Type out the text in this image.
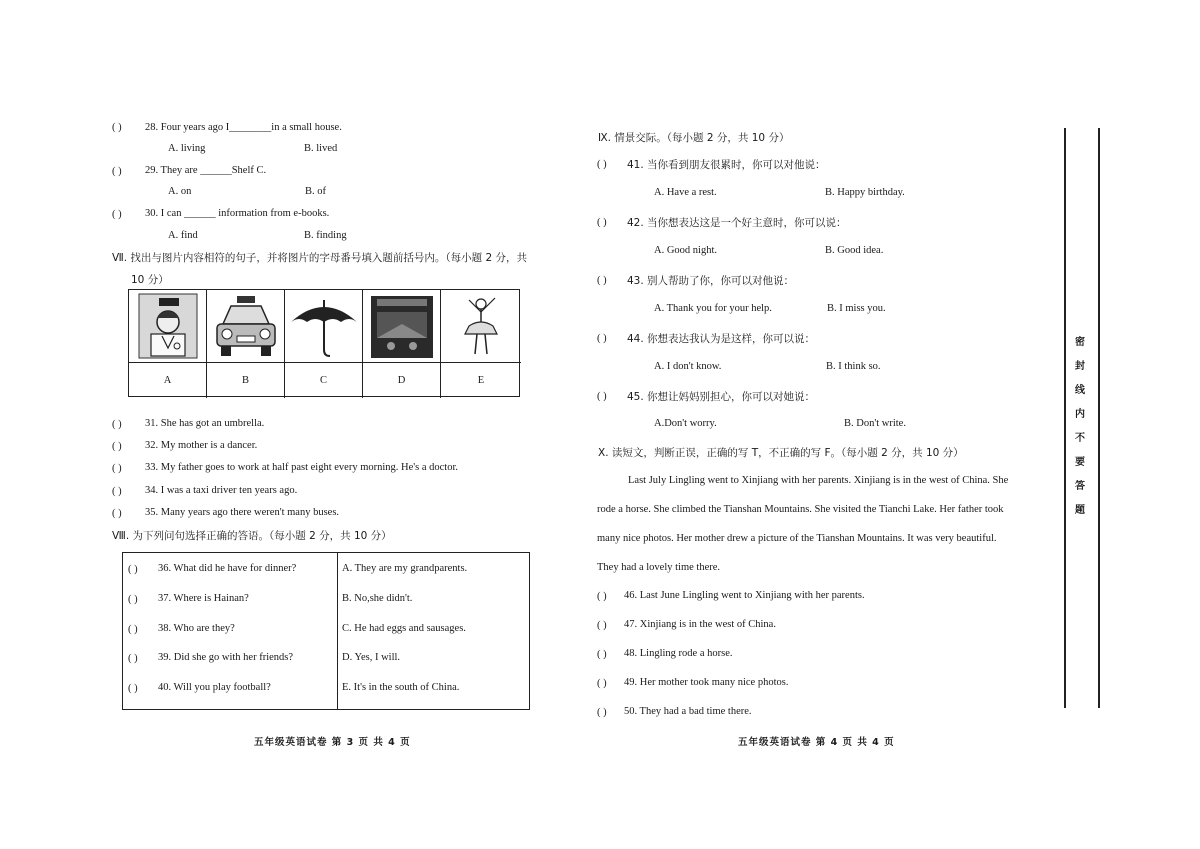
( ) 28. Four years ago I________in a small house.
A. living	B. lived
( ) 29. They are ______Shelf C.
A. on	B. of
( ) 30. I can ______ information from e-books.
A. find	B. finding
Ⅶ. 找出与图片内容相符的句子，并将图片的字母番号填入题前括号内。（每小题 2 分，共
10 分）
A	B	C	D	E
( ) 31. She has got an umbrella.
( ) 32. My mother is a dancer.
( ) 33. My father goes to work at half past eight every morning. He's a doctor.
( ) 34. I was a taxi driver ten years ago.
( ) 35. Many years ago there weren't many buses.
Ⅷ. 为下列问句选择正确的答语。（每小题 2 分，共 10 分）
( ) 36. What did he have for dinner?	A. They are my grandparents.
( ) 37. Where is Hainan?	B. No,she didn't.
( ) 38. Who are they?	C. He had eggs and sausages.
( ) 39. Did she go with her friends?	D. Yes, I will.
( ) 40. Will you play football?	E. It's in the south of China.
五年级英语试卷 第 3 页 共 4 页
Ⅸ. 情景交际。（每小题 2 分，共 10 分）
( ) 41. 当你看到朋友很累时，你可以对他说：
A. Have a rest.	B. Happy birthday.
( ) 42. 当你想表达这是一个好主意时，你可以说：
A. Good night.	B. Good idea.
( ) 43. 别人帮助了你，你可以对他说：
A. Thank you for your help.	B. I miss you.
( ) 44. 你想表达我认为是这样，你可以说：
A. I don't know.	B. I think so.
( ) 45. 你想让妈妈别担心，你可以对她说：
A.Don't worry.	B. Don't write.
Ⅹ. 读短文，判断正误，正确的写 T，不正确的写 F。（每小题 2 分，共 10 分）
Last July Lingling went to Xinjiang with her parents. Xinjiang is in the west of China. She
rode a horse. She climbed the Tianshan Mountains. She visited the Tianchi Lake. Her father took
many nice photos. Her mother drew a picture of the Tianshan Mountains. It was very beautiful.
They had a lovely time there.
( ) 46. Last June Lingling went to Xinjiang with her parents.
( ) 47. Xinjiang is in the west of China.
( ) 48. Lingling rode a horse.
( ) 49. Her mother took many nice photos.
( ) 50. They had a bad time there.
五年级英语试卷 第 4 页 共 4 页
密
封
线
内
不
要
答
题
